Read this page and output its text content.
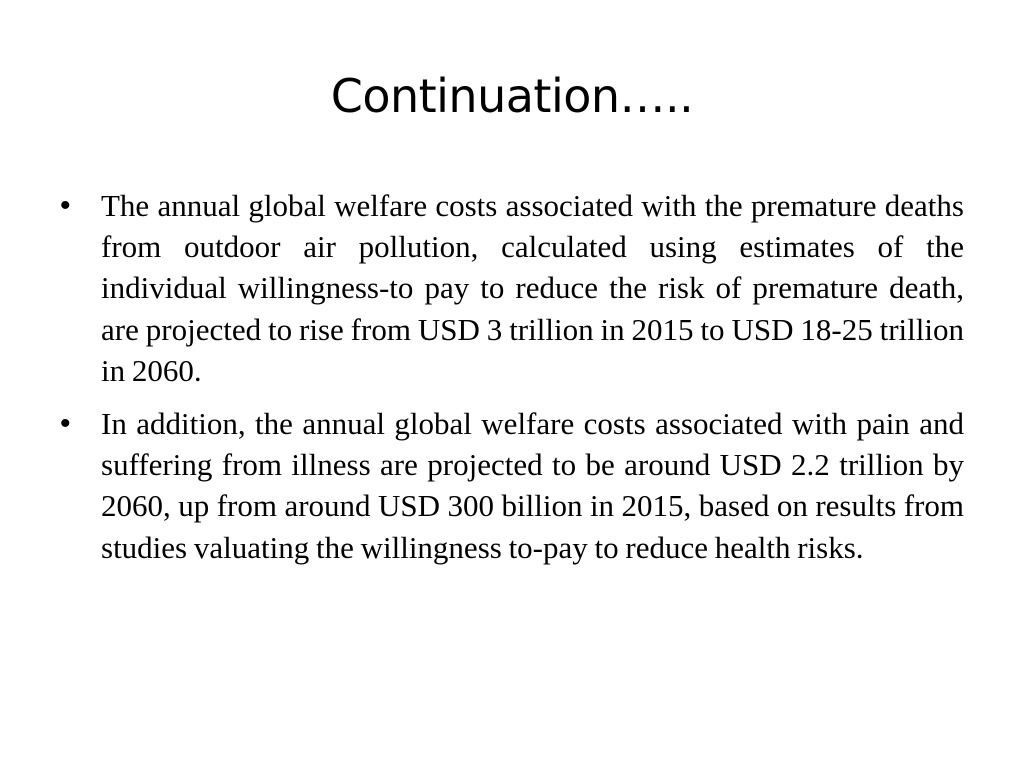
Continuation…..
• The annual global welfare costs associated with the premature deaths from outdoor air pollution, calculated using estimates of the individual willingness-to pay to reduce the risk of premature death, are projected to rise from USD 3 trillion in 2015 to USD 18-25 trillion in 2060.
• In addition, the annual global welfare costs associated with pain and suffering from illness are projected to be around USD 2.2 trillion by 2060, up from around USD 300 billion in 2015, based on results from studies valuating the willingness to-pay to reduce health risks.
